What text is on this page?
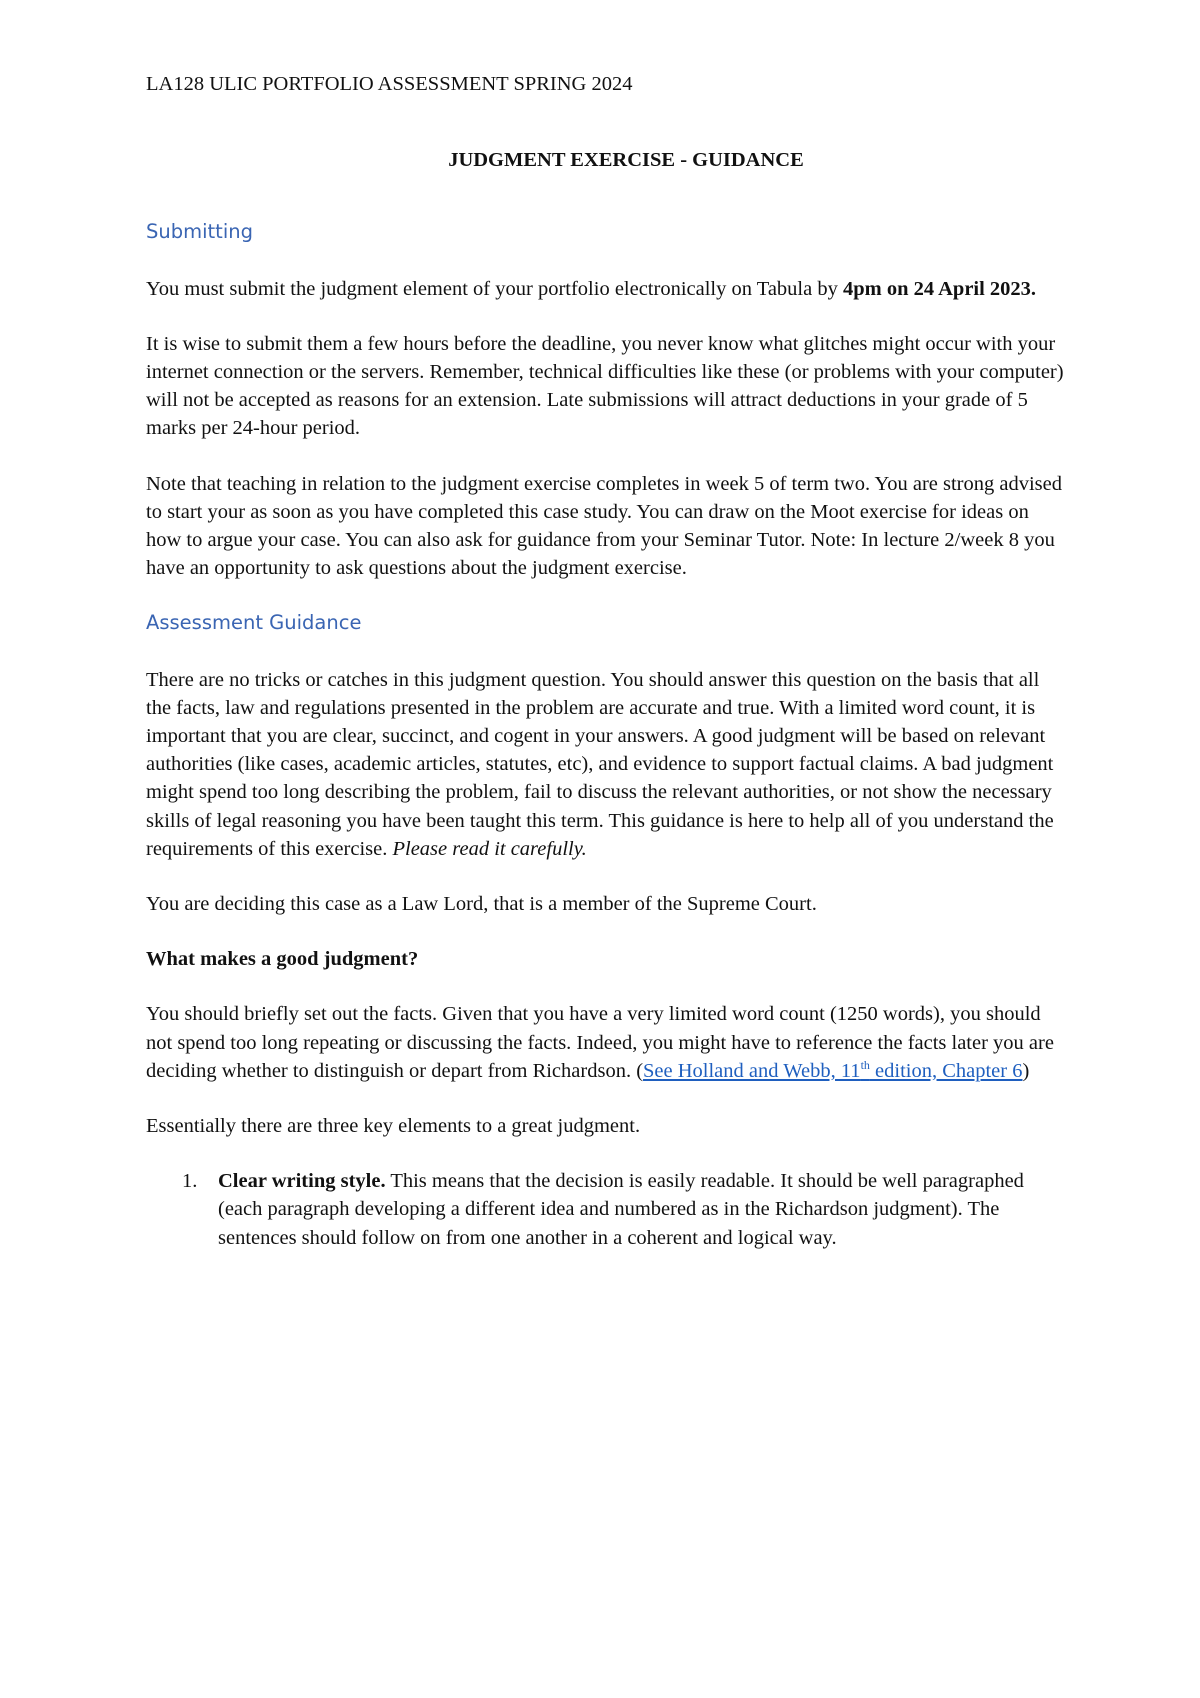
LA128 ULIC PORTFOLIO ASSESSMENT SPRING 2024
JUDGMENT EXERCISE - GUIDANCE
Submitting

You must submit the judgment element of your portfolio electronically on Tabula by 4pm on 24 April 2023.

It is wise to submit them a few hours before the deadline, you never know what glitches might occur with your internet connection or the servers. Remember, technical difficulties like these (or problems with your computer) will not be accepted as reasons for an extension. Late submissions will attract deductions in your grade of 5 marks per 24-hour period.

Note that teaching in relation to the judgment exercise completes in week 5 of term two. You are strong advised to start your as soon as you have completed this case study. You can draw on the Moot exercise for ideas on how to argue your case. You can also ask for guidance from your Seminar Tutor. Note: In lecture 2/week 8 you have an opportunity to ask questions about the judgment exercise.

Assessment Guidance

There are no tricks or catches in this judgment question. You should answer this question on the basis that all the facts, law and regulations presented in the problem are accurate and true. With a limited word count, it is important that you are clear, succinct, and cogent in your answers. A good judgment will be based on relevant authorities (like cases, academic articles, statutes, etc), and evidence to support factual claims. A bad judgment might spend too long describing the problem, fail to discuss the relevant authorities, or not show the necessary skills of legal reasoning you have been taught this term. This guidance is here to help all of you understand the requirements of this exercise. Please read it carefully.

You are deciding this case as a Law Lord, that is a member of the Supreme Court.

What makes a good judgment?

You should briefly set out the facts. Given that you have a very limited word count (1250 words), you should not spend too long repeating or discussing the facts. Indeed, you might have to reference the facts later you are deciding whether to distinguish or depart from Richardson. (See Holland and Webb, 11th edition, Chapter 6)

Essentially there are three key elements to a great judgment.

1. Clear writing style. This means that the decision is easily readable. It should be well paragraphed (each paragraph developing a different idea and numbered as in the Richardson judgment). The sentences should follow on from one another in a coherent and logical way.
